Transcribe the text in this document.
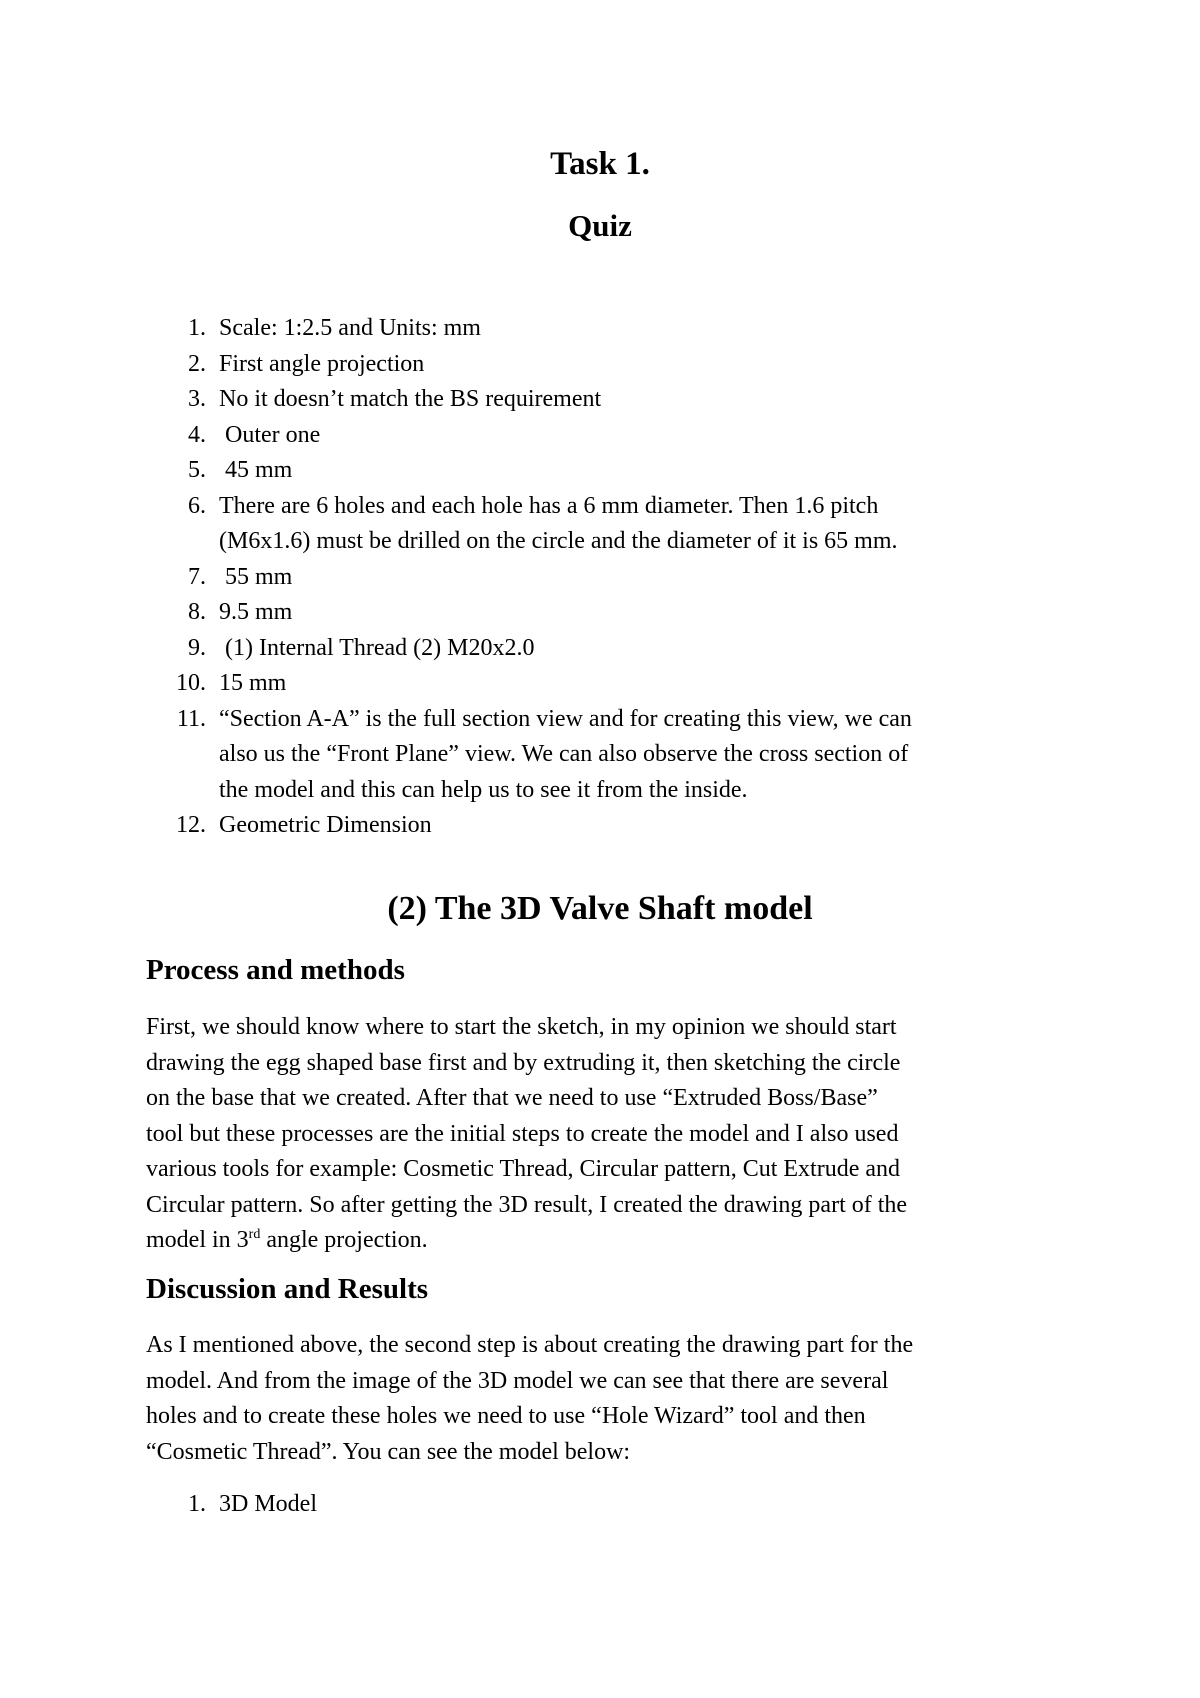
Task 1.
Quiz
1. Scale: 1:2.5 and Units: mm
2. First angle projection
3. No it doesn’t match the BS requirement
4. Outer one
5. 45 mm
6. There are 6 holes and each hole has a 6 mm diameter. Then 1.6 pitch
(M6x1.6) must be drilled on the circle and the diameter of it is 65 mm.
7. 55 mm
8. 9.5 mm
9. (1) Internal Thread (2) M20x2.0
10. 15 mm
11. “Section A-A” is the full section view and for creating this view, we can
also us the “Front Plane” view. We can also observe the cross section of
the model and this can help us to see it from the inside.
12. Geometric Dimension
(2) The 3D Valve Shaft model
Process and methods

First, we should know where to start the sketch, in my opinion we should start
drawing the egg shaped base first and by extruding it, then sketching the circle
on the base that we created. After that we need to use “Extruded Boss/Base”
tool but these processes are the initial steps to create the model and I also used
various tools for example: Cosmetic Thread, Circular pattern, Cut Extrude and
Circular pattern. So after getting the 3D result, I created the drawing part of the
model in 3rd angle projection.

Discussion and Results

As I mentioned above, the second step is about creating the drawing part for the
model. And from the image of the 3D model we can see that there are several
holes and to create these holes we need to use “Hole Wizard” tool and then
“Cosmetic Thread”. You can see the model below:

1. 3D Model
